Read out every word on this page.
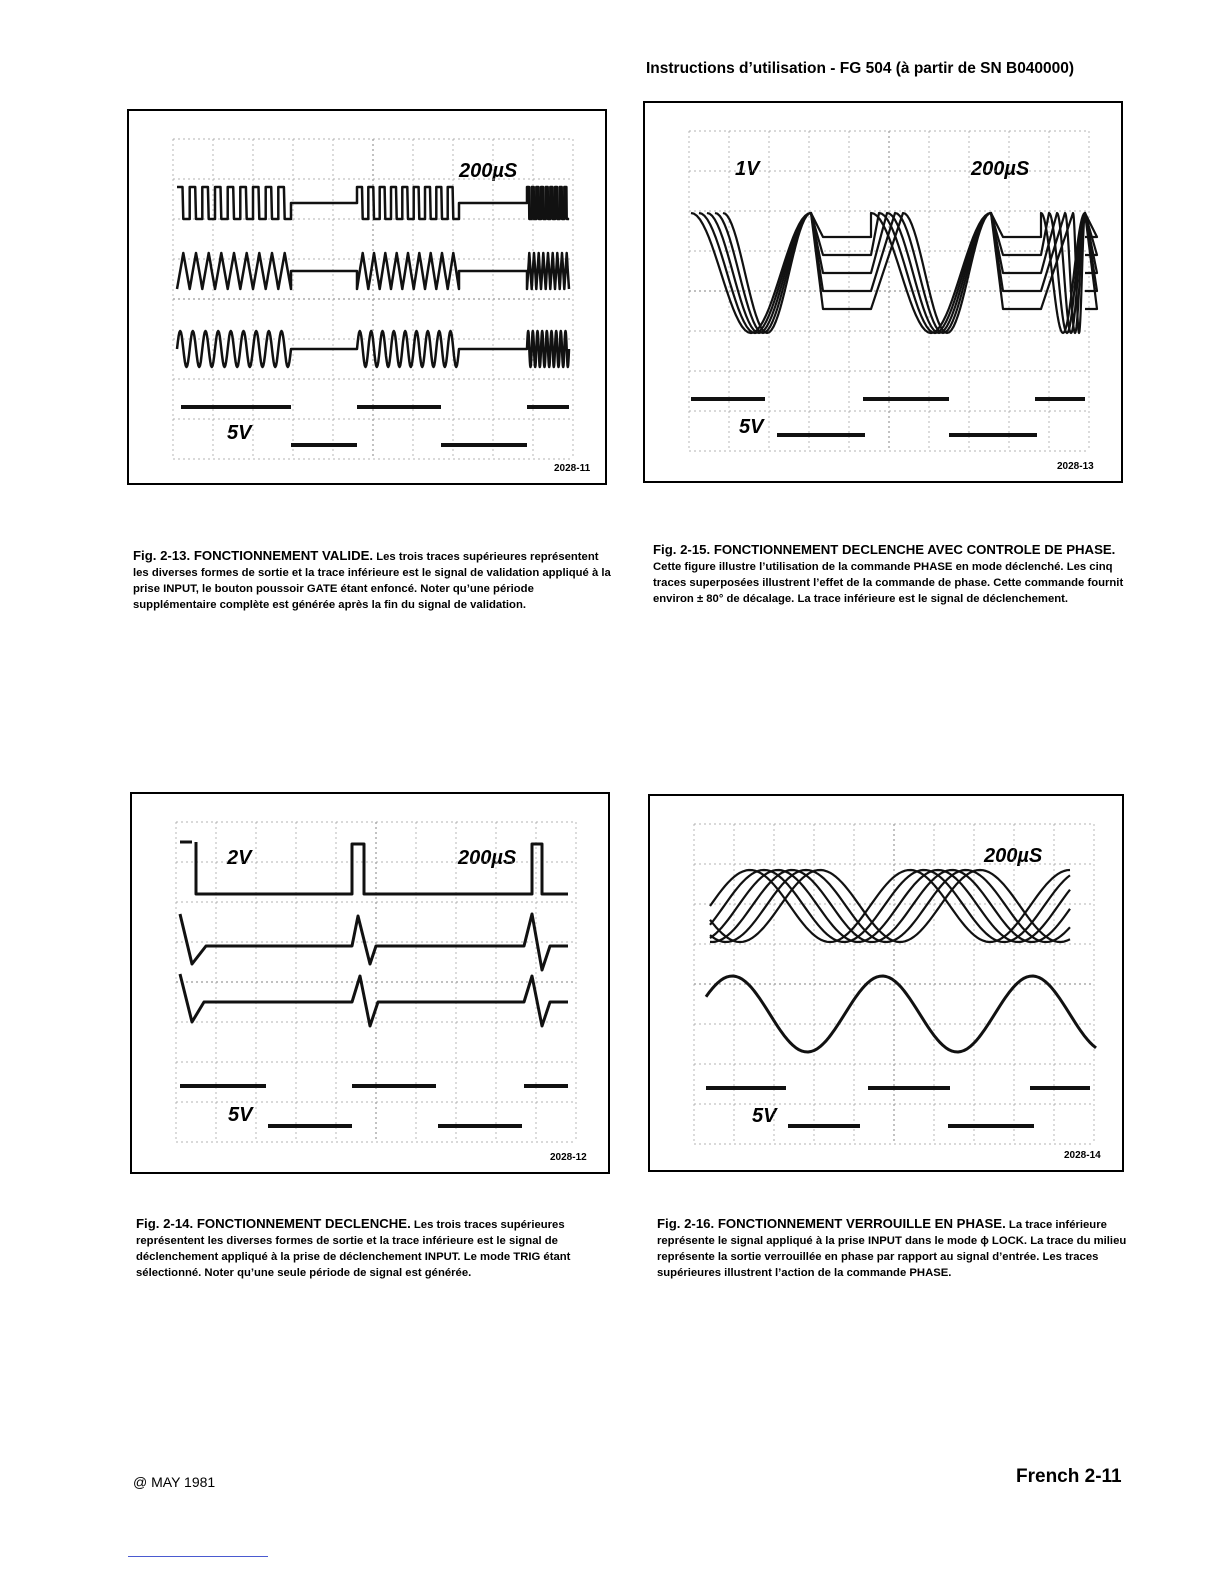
Instructions d’utilisation - FG 504 (à partir de SN B040000)
200µS
5V
2028-11
1V	200µS
5V
2028-13
2V	200µS
5V
2028-12
200µS
5V
2028-14
Fig. 2-13. FONCTIONNEMENT VALIDE. Les trois traces supérieures représentent les diverses formes de sortie et la trace inférieure est le signal de validation appliqué à la prise INPUT, le bouton poussoir GATE étant enfoncé. Noter qu’une période supplémentaire complète est générée après la fin du signal de validation.
Fig. 2-15. FONCTIONNEMENT DECLENCHE AVEC CONTROLE DE PHASE. Cette figure illustre l’utilisation de la commande PHASE en mode déclenché. Les cinq traces superposées illustrent l’effet de la commande de phase. Cette commande fournit environ ± 80° de décalage. La trace inférieure est le signal de déclenchement.
Fig. 2-14. FONCTIONNEMENT DECLENCHE. Les trois traces supérieures représentent les diverses formes de sortie et la trace inférieure est le signal de déclenchement appliqué à la prise de déclenchement INPUT. Le mode TRIG étant sélectionné. Noter qu’une seule période de signal est générée.
Fig. 2-16. FONCTIONNEMENT VERROUILLE EN PHASE. La trace inférieure représente le signal appliqué à la prise INPUT dans le mode ϕ LOCK. La trace du milieu représente la sortie verrouillée en phase par rapport au signal d’entrée. Les traces supérieures illustrent l’action de la commande PHASE.
@ MAY 1981	French 2-11
